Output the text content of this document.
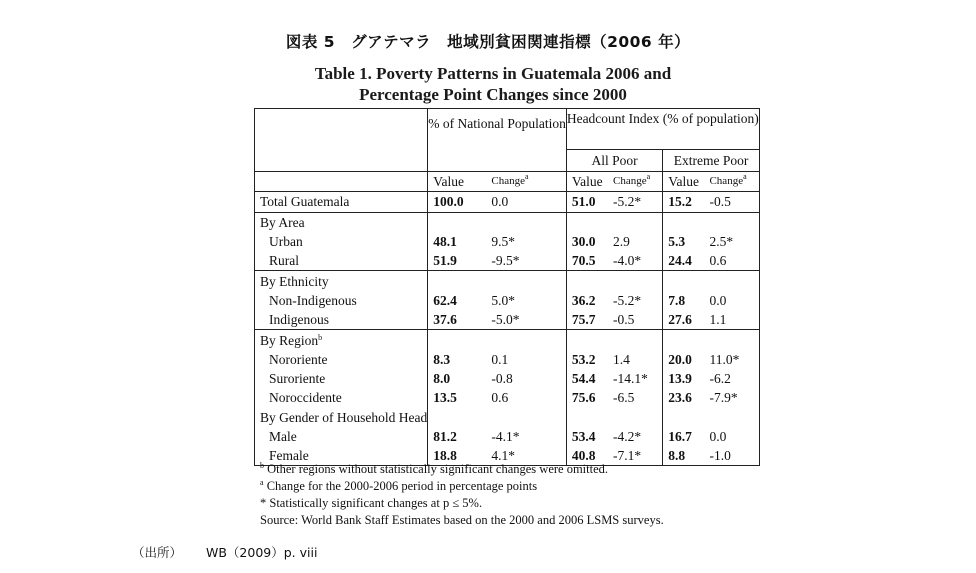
図表 5　グアテマラ　地域別貧困関連指標（2006 年）
Table 1. Poverty Patterns in Guatemala 2006 and
Percentage Point Changes since 2000
	% of National Population		Headcount Index (% of population)			
			All Poor		Extreme Poor	
	Value	Change$^a$	Value	Change$^a$	Value	Change$^a$
Total Guatemala	100.0	0.0	51.0	-5.2*	15.2	-0.5
By Area						
Urban	48.1	9.5*	30.0	2.9	5.3	2.5*
Rural	51.9	-9.5*	70.5	-4.0*	24.4	0.6
By Ethnicity						
Non-Indigenous	62.4	5.0*	36.2	-5.2*	7.8	0.0
Indigenous	37.6	-5.0*	75.7	-0.5	27.6	1.1
By Region$^b$						
Nororiente	8.3	0.1	53.2	1.4	20.0	11.0*
Suroriente	8.0	-0.8	54.4	-14.1*	13.9	-6.2
Noroccidente	13.5	0.6	75.6	-6.5	23.6	-7.9*
By Gender of Household Head						
Male	81.2	-4.1*	53.4	-4.2*	16.7	0.0
Female	18.8	4.1*	40.8	-7.1*	8.8	-1.0
$^b$ Other regions without statistically significant changes were omitted.
$^a$ Change for the 2000-2006 period in percentage points
* Statistically significant changes at p ≤ 5%.
Source: World Bank Staff Estimates based on the 2000 and 2006 LSMS surveys.
（出所） WB（2009）p. viii
